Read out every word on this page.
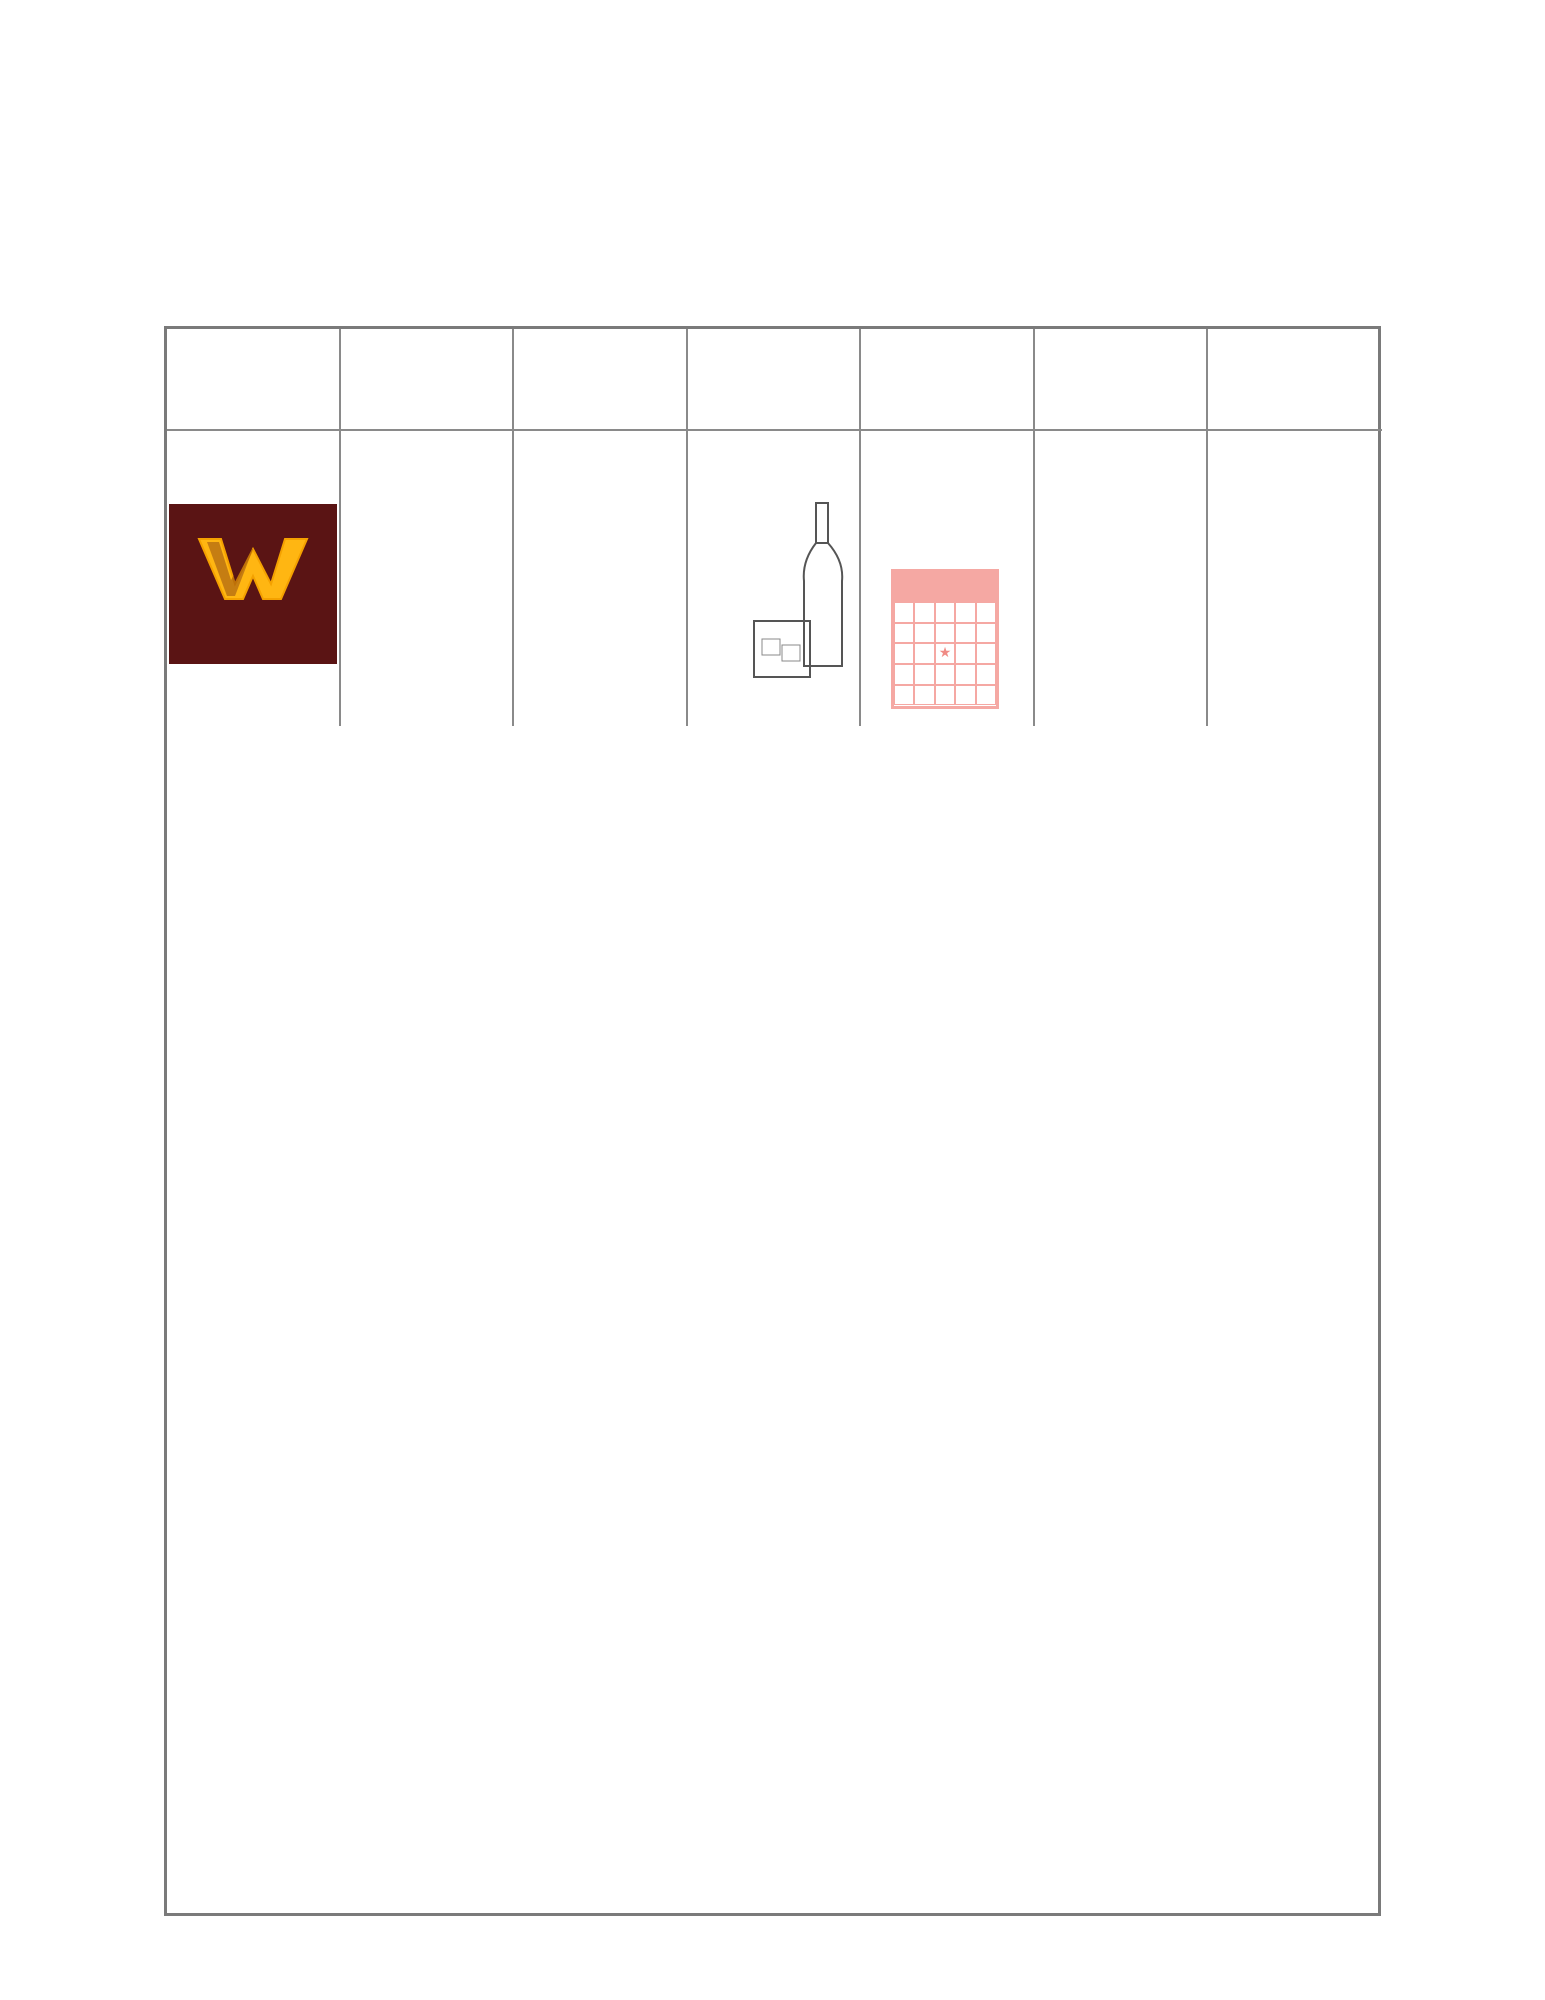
★
